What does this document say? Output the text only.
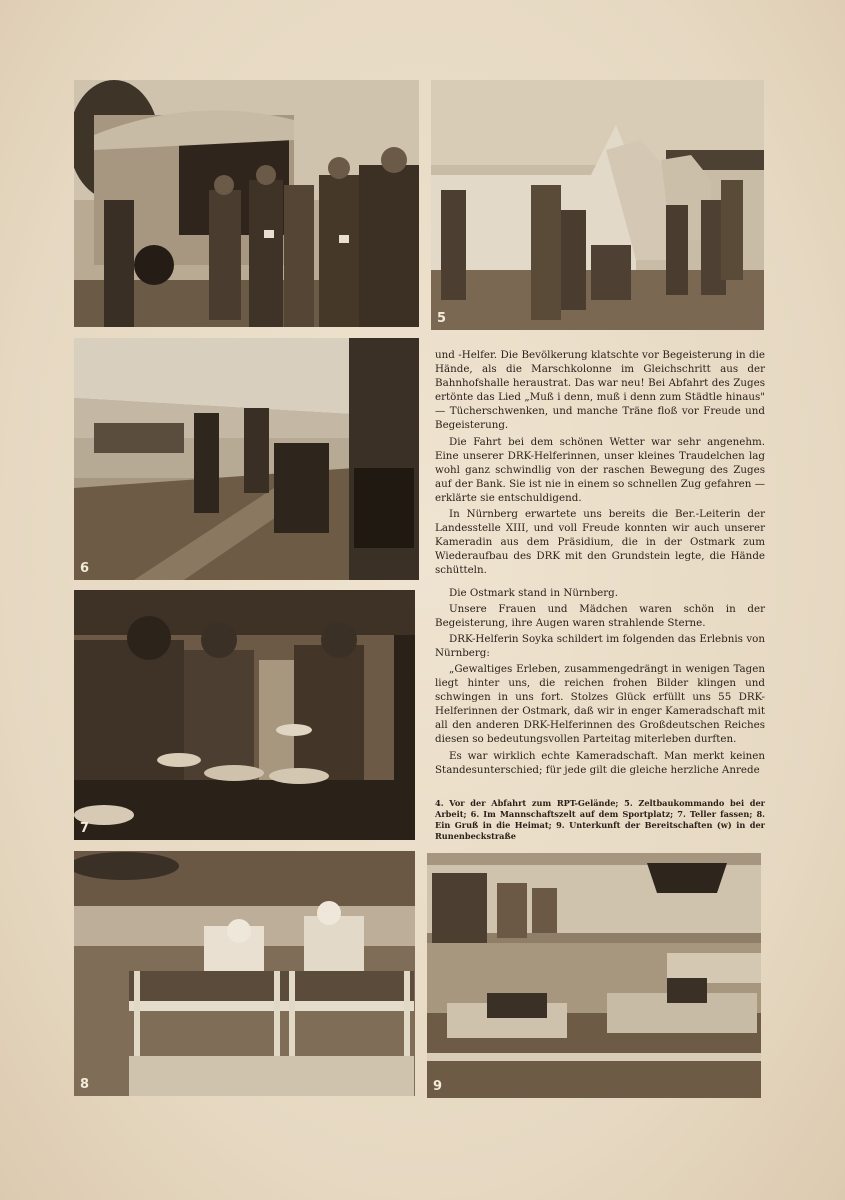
5
6
7
8	9

und -Helfer. Die Bevölkerung klatschte vor Begeisterung in die Hände, als die Marschkolonne im Gleichschritt aus der Bahnhofshalle heraustrat. Das war neu! Bei Abfahrt des Zuges ertönte das Lied „Muß i denn, muß i denn zum Städtle hinaus" — Tücherschwenken, und manche Träne floß vor Freude und Begeisterung.

Die Fahrt bei dem schönen Wetter war sehr angenehm. Eine unserer DRK-Helferinnen, unser kleines Traudelchen lag wohl ganz schwindlig von der raschen Bewegung des Zuges auf der Bank. Sie ist nie in einem so schnellen Zug gefahren — erklärte sie entschuldigend.

In Nürnberg erwartete uns bereits die Ber.-Leiterin der Landesstelle XIII, und voll Freude konnten wir auch unserer Kameradin aus dem Präsidium, die in der Ostmark zum Wiederaufbau des DRK mit den Grundstein legte, die Hände schütteln.

Die Ostmark stand in Nürnberg.

Unsere Frauen und Mädchen waren schön in der Begeisterung, ihre Augen waren strahlende Sterne.

DRK-Helferin Soyka schildert im folgenden das Erlebnis von Nürnberg:

„Gewaltiges Erleben, zusammengedrängt in wenigen Tagen liegt hinter uns, die reichen frohen Bilder klingen und schwingen in uns fort. Stolzes Glück erfüllt uns 55 DRK-Helferinnen der Ostmark, daß wir in enger Kameradschaft mit all den anderen DRK-Helferinnen des Großdeutschen Reiches diesen so bedeutungsvollen Parteitag miterleben durften.

Es war wirklich echte Kameradschaft. Man merkt keinen Standesunterschied; für jede gilt die gleiche herzliche Anrede

4. Vor der Abfahrt zum RPT-Gelände; 5. Zeltbaukommando bei der Arbeit; 6. Im Mannschaftszelt auf dem Sportplatz; 7. Teller fassen; 8. Ein Gruß in die Heimat; 9. Unterkunft der Bereitschaften (w) in der Runenbeckstraße
